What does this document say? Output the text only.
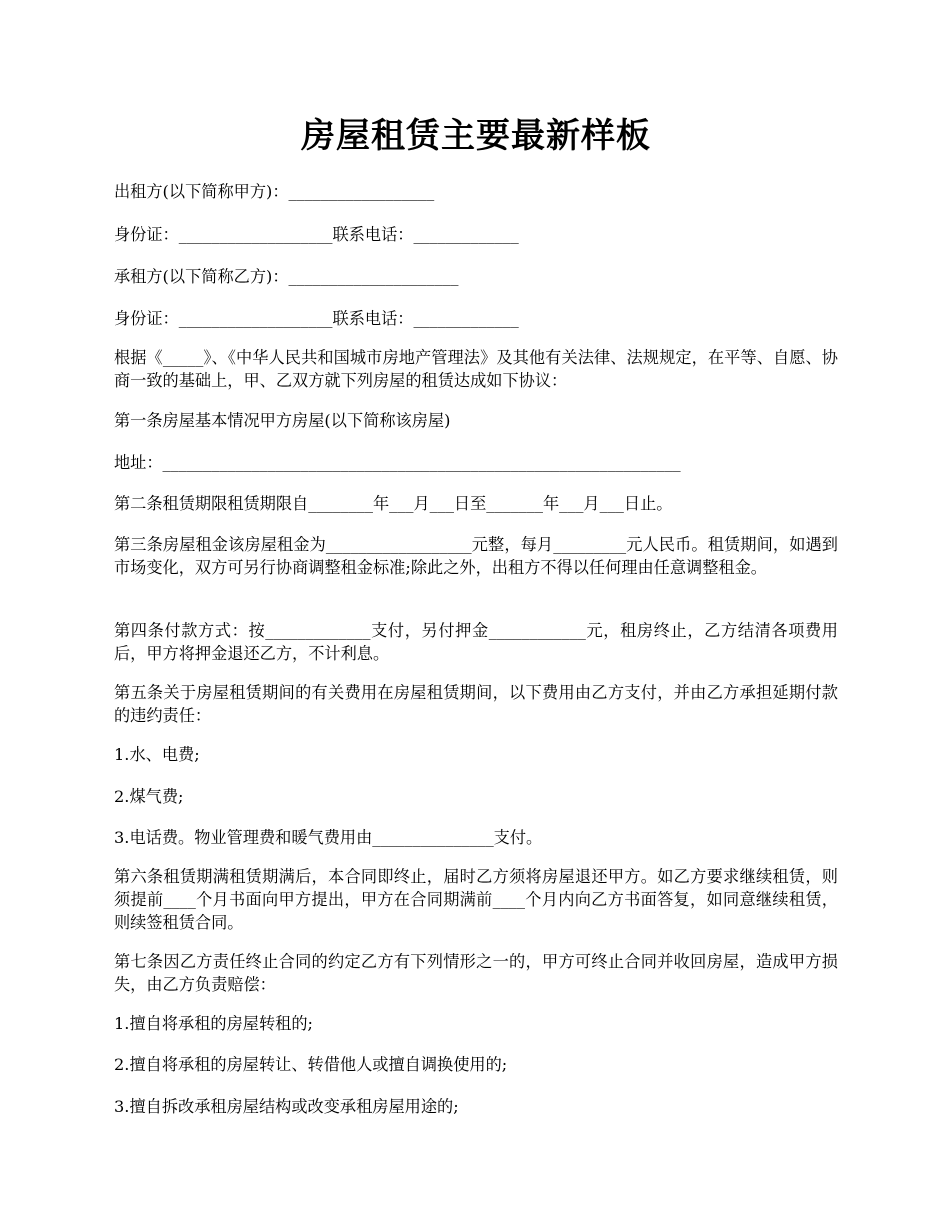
房屋租赁主要最新样板

出租方(以下简称甲方)：__________________

身份证：___________________联系电话：_____________

承租方(以下简称乙方)：_____________________

身份证：___________________联系电话：_____________

根据《_____》、《中华人民共和国城市房地产管理法》及其他有关法律、法规规定，在平等、自愿、协商一致的基础上，甲、乙双方就下列房屋的租赁达成如下协议：

第一条房屋基本情况甲方房屋(以下简称该房屋)

地址：________________________________________________________________

第二条租赁期限租赁期限自________年___月___日至_______年___月___日止。

第三条房屋租金该房屋租金为__________________元整，每月_________元人民币。租赁期间，如遇到市场变化，双方可另行协商调整租金标准;除此之外，出租方不得以任何理由任意调整租金。

第四条付款方式：按_____________支付，另付押金____________元，租房终止，乙方结清各项费用后，甲方将押金退还乙方，不计利息。

第五条关于房屋租赁期间的有关费用在房屋租赁期间，以下费用由乙方支付，并由乙方承担延期付款的违约责任：

1.水、电费;

2.煤气费;

3.电话费。物业管理费和暖气费用由_______________支付。

第六条租赁期满租赁期满后，本合同即终止，届时乙方须将房屋退还甲方。如乙方要求继续租赁，则须提前____个月书面向甲方提出，甲方在合同期满前____个月内向乙方书面答复，如同意继续租赁，则续签租赁合同。

第七条因乙方责任终止合同的约定乙方有下列情形之一的，甲方可终止合同并收回房屋，造成甲方损失，由乙方负责赔偿：

1.擅自将承租的房屋转租的;

2.擅自将承租的房屋转让、转借他人或擅自调换使用的;

3.擅自拆改承租房屋结构或改变承租房屋用途的;
